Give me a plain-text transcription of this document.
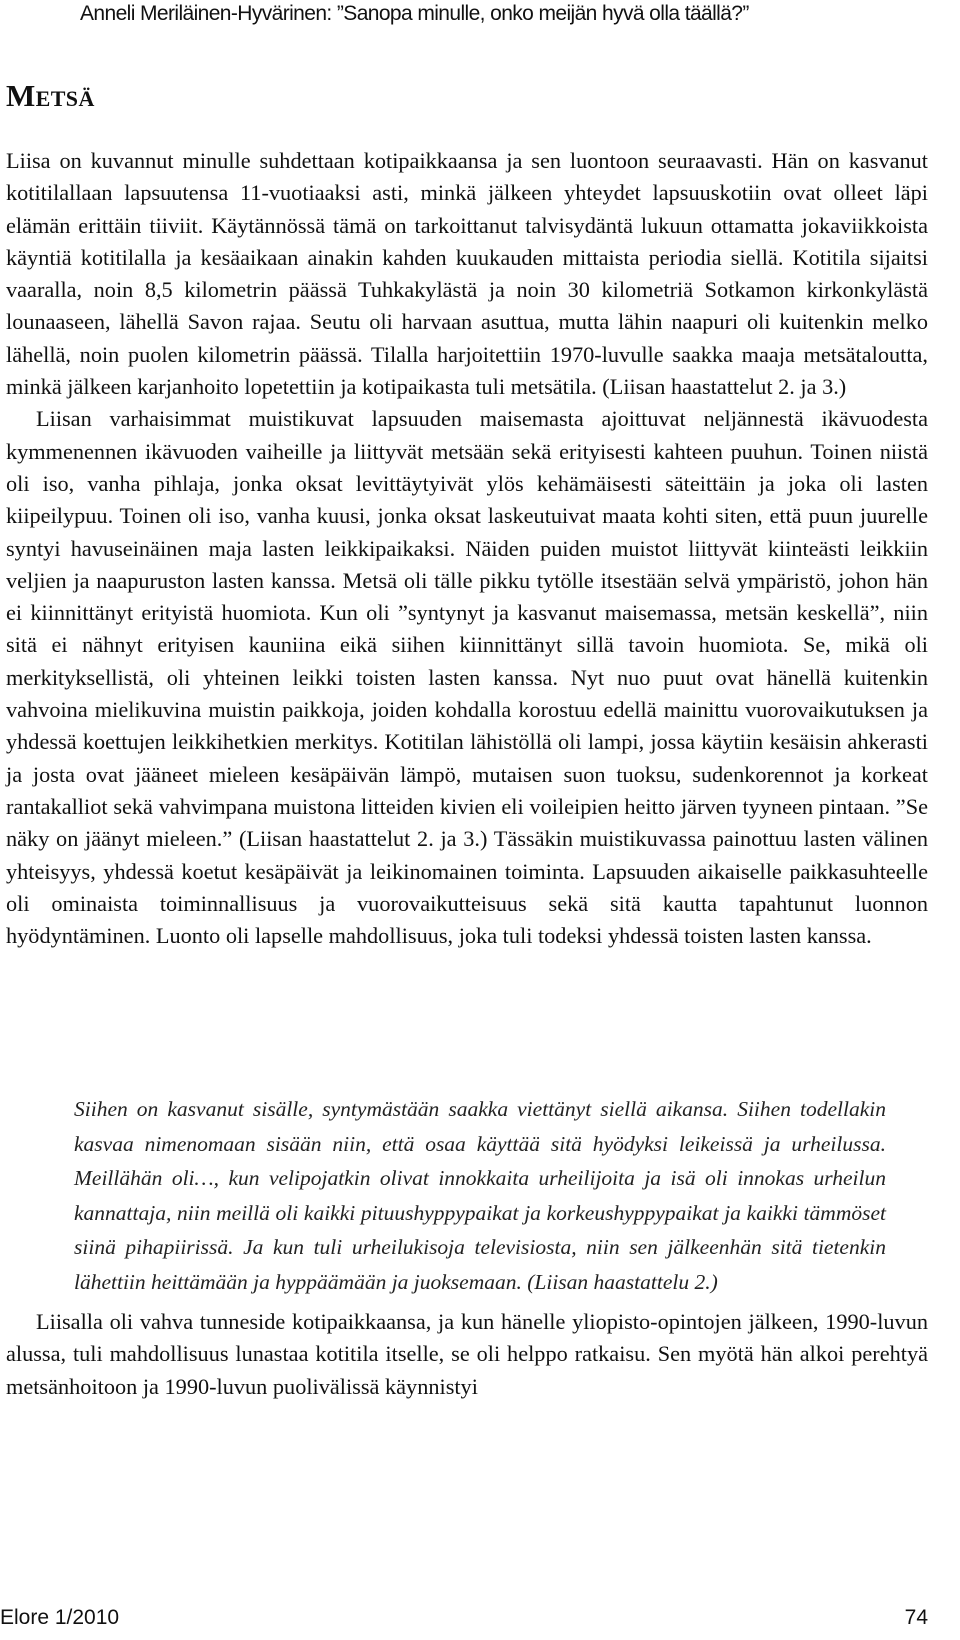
Anneli Meriläinen-Hyvärinen: ”Sanopa minulle, onko meijän hyvä olla täällä?”
Metsä

Liisa on kuvannut minulle suhdettaan kotipaikkaansa ja sen luontoon seuraavasti. Hän on kasvanut kotitilallaan lapsuutensa 11-vuotiaaksi asti, minkä jälkeen yhteydet lapsuuskotiin ovat olleet läpi elämän erittäin tiiviit. Käytännössä tämä on tarkoittanut talvisydäntä lukuun ottamatta jokaviikkoista käyntiä kotitilalla ja kesäaikaan ainakin kahden kuukauden mittaista periodia siellä. Kotitila sijaitsi vaaralla, noin 8,5 kilometrin päässä Tuhkakylästä ja noin 30 kilometriä Sotkamon kirkonkylästä lounaaseen, lähellä Savon rajaa. Seutu oli harvaan asuttua, mutta lähin naapuri oli kuitenkin melko lähellä, noin puolen kilometrin päässä. Tilalla harjoitettiin 1970-luvulle saakka maaja metsätaloutta, minkä jälkeen karjanhoito lopetettiin ja kotipaikasta tuli metsätila. (Liisan haastattelut 2. ja 3.)

Liisan varhaisimmat muistikuvat lapsuuden maisemasta ajoittuvat neljännestä ikävuodesta kymmenennen ikävuoden vaiheille ja liittyvät metsään sekä erityisesti kahteen puuhun. Toinen niistä oli iso, vanha pihlaja, jonka oksat levittäytyivät ylös kehämäisesti säteittäin ja joka oli lasten kiipeilypuu. Toinen oli iso, vanha kuusi, jonka oksat laskeutuivat maata kohti siten, että puun juurelle syntyi havuseinäinen maja lasten leikkipaikaksi. Näiden puiden muistot liittyvät kiinteästi leikkiin veljien ja naapuruston lasten kanssa. Metsä oli tälle pikku tytölle itsestään selvä ympäristö, johon hän ei kiinnittänyt erityistä huomiota. Kun oli ”syntynyt ja kasvanut maisemassa, metsän keskellä”, niin sitä ei nähnyt erityisen kauniina eikä siihen kiinnittänyt sillä tavoin huomiota. Se, mikä oli merkityksellistä, oli yhteinen leikki toisten lasten kanssa. Nyt nuo puut ovat hänellä kuitenkin vahvoina mielikuvina muistin paikkoja, joiden kohdalla korostuu edellä mainittu vuorovaikutuksen ja yhdessä koettujen leikkihetkien merkitys. Kotitilan lähistöllä oli lampi, jossa käytiin kesäisin ahkerasti ja josta ovat jääneet mieleen kesäpäivän lämpö, mutaisen suon tuoksu, sudenkorennot ja korkeat rantakalliot sekä vahvimpana muistona litteiden kivien eli voileipien heitto järven tyyneen pintaan. ”Se näky on jäänyt mieleen.” (Liisan haastattelut 2. ja 3.) Tässäkin muistikuvassa painottuu lasten välinen yhteisyys, yhdessä koetut kesäpäivät ja leikinomainen toiminta. Lapsuuden aikaiselle paikkasuhteelle oli ominaista toiminnallisuus ja vuorovaikutteisuus sekä sitä kautta tapahtunut luonnon hyödyntäminen. Luonto oli lapselle mahdollisuus, joka tuli todeksi yhdessä toisten lasten kanssa.

Siihen on kasvanut sisälle, syntymästään saakka viettänyt siellä aikansa. Siihen todellakin kasvaa nimenomaan sisään niin, että osaa käyttää sitä hyödyksi leikeissä ja urheilussa. Meillähän oli…, kun velipojatkin olivat innokkaita urheilijoita ja isä oli innokas urheilun kannattaja, niin meillä oli kaikki pituushyppypaikat ja korkeushyppypaikat ja kaikki tämmöset siinä pihapiirissä. Ja kun tuli urheilukisoja televisiosta, niin sen jälkeenhän sitä tietenkin lähettiin heittämään ja hyppäämään ja juoksemaan. (Liisan haastattelu 2.)

Liisalla oli vahva tunneside kotipaikkaansa, ja kun hänelle yliopisto-opintojen jälkeen, 1990-luvun alussa, tuli mahdollisuus lunastaa kotitila itselle, se oli helppo ratkaisu. Sen myötä hän alkoi perehtyä metsänhoitoon ja 1990-luvun puolivälissä käynnistyi

Elore 1/2010	74
